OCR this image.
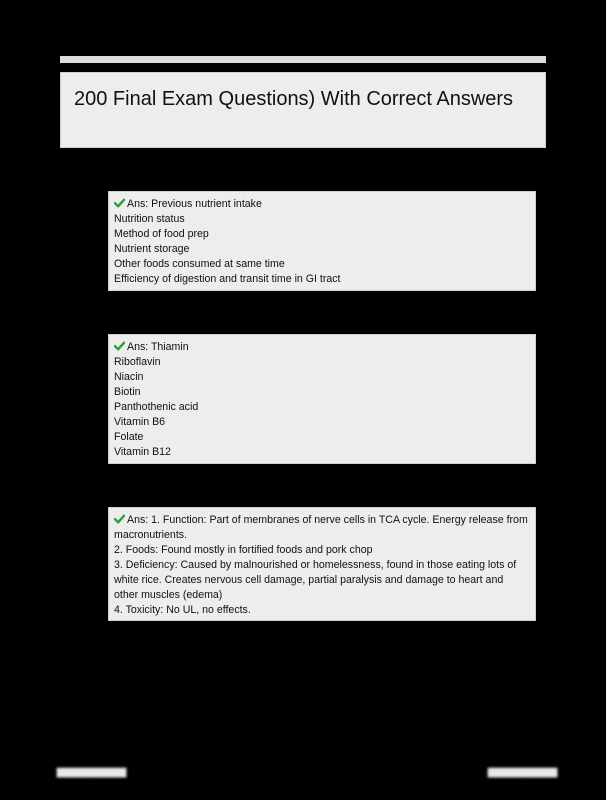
200 Final Exam Questions) With Correct Answers
Ans: Previous nutrient intake
Nutrition status
Method of food prep
Nutrient storage
Other foods consumed at same time
Efficiency of digestion and transit time in GI tract
Ans: Thiamin
Riboflavin
Niacin
Biotin
Panthothenic acid
Vitamin B6
Folate
Vitamin B12
Ans: 1. Function: Part of membranes of nerve cells in TCA cycle. Energy release from macronutrients.
2. Foods: Found mostly in fortified foods and pork chop
3. Deficiency: Caused by malnourished or homelessness, found in those eating lots of white rice. Creates nervous cell damage, partial paralysis and damage to heart and other muscles (edema)
4. Toxicity: No UL, no effects.
▇▇▇▇▇▇▇▇▇▇	▇▇▇▇▇▇▇▇▇▇
